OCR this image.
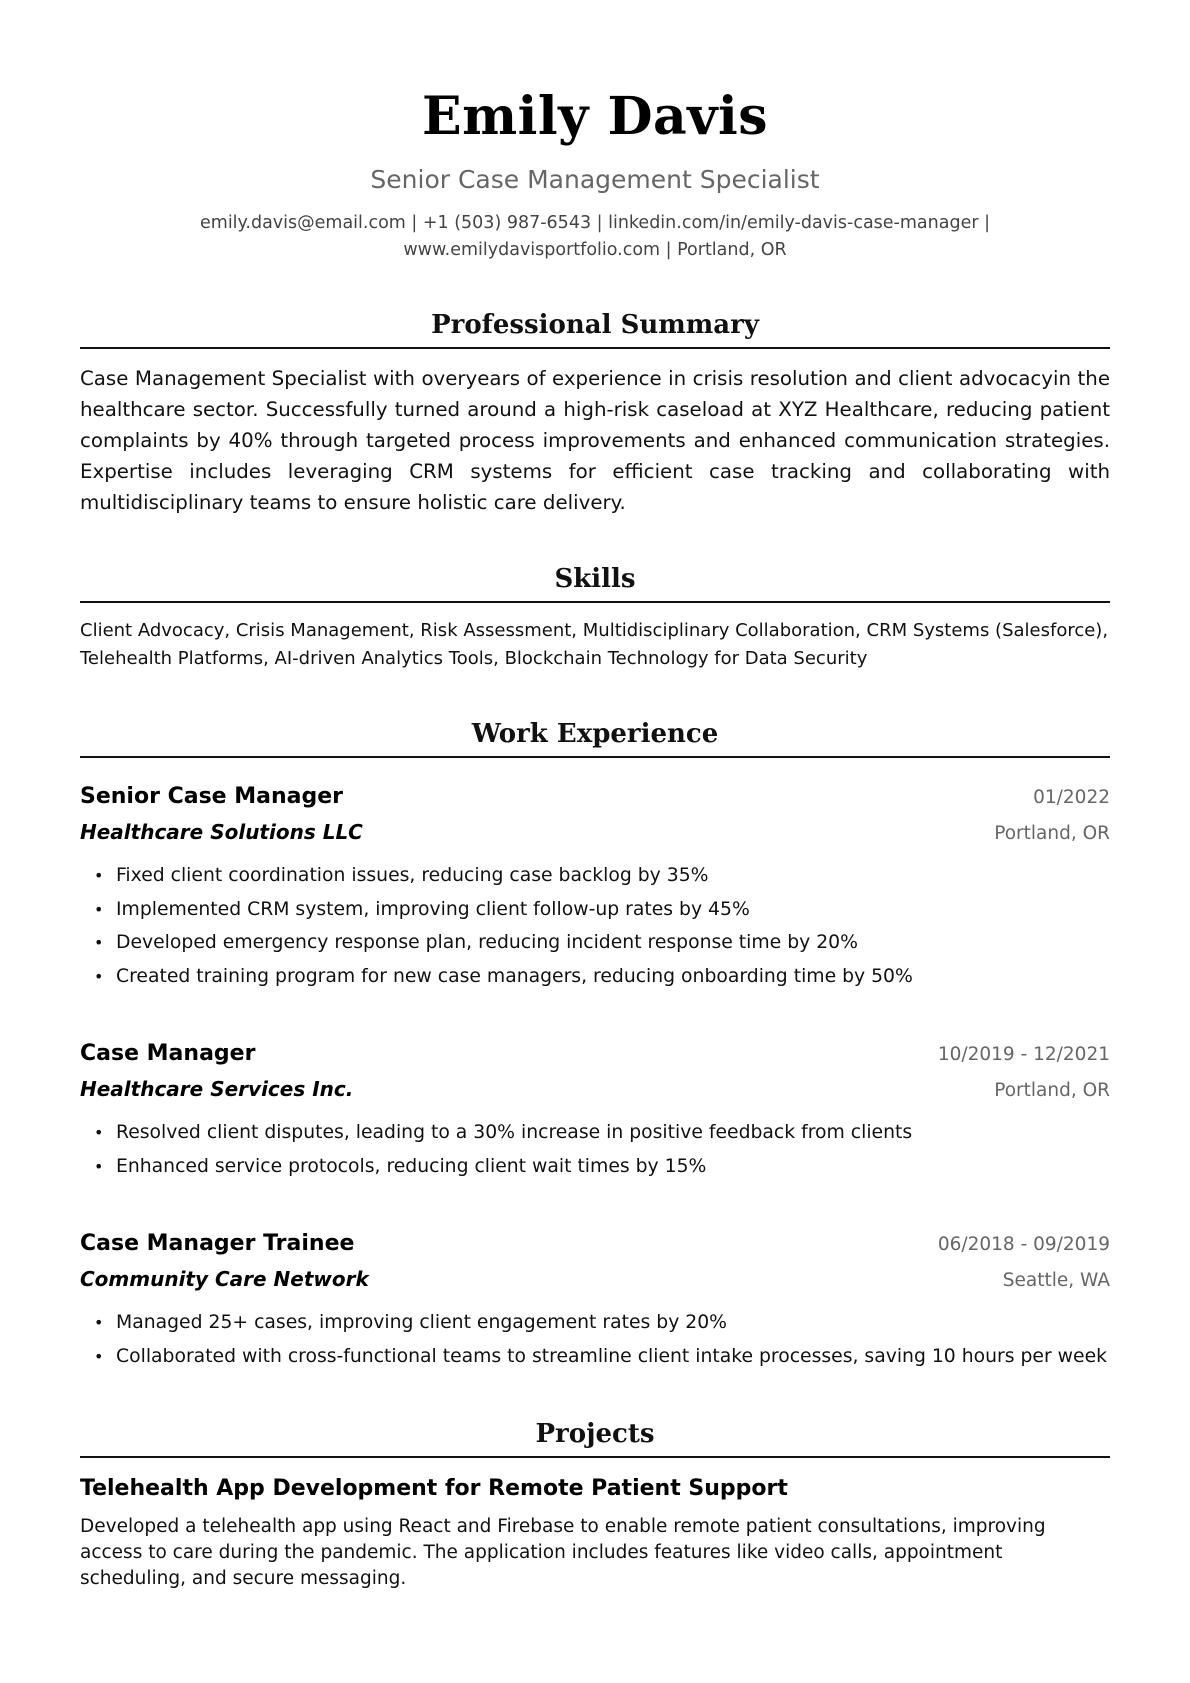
Emily Davis
Senior Case Management Specialist
emily.davis@email.com | +1 (503) 987-6543 | linkedin.com/in/emily-davis-case-manager |
www.emilydavisportfolio.com | Portland, OR
Professional Summary
Case Management Specialist with overyears of experience in crisis resolution and client advocacyin the healthcare sector. Successfully turned around a high-risk caseload at XYZ Healthcare, reducing patient complaints by 40% through targeted process improvements and enhanced communication strategies. Expertise includes leveraging CRM systems for efficient case tracking and collaborating with multidisciplinary teams to ensure holistic care delivery.
Skills
Client Advocacy, Crisis Management, Risk Assessment, Multidisciplinary Collaboration, CRM Systems (Salesforce), Telehealth Platforms, AI-driven Analytics Tools, Blockchain Technology for Data Security
Work Experience
Senior Case Manager	01/2022
Healthcare Solutions LLC	Portland, OR
• Fixed client coordination issues, reducing case backlog by 35%
• Implemented CRM system, improving client follow-up rates by 45%
• Developed emergency response plan, reducing incident response time by 20%
• Created training program for new case managers, reducing onboarding time by 50%
Case Manager	10/2019 - 12/2021
Healthcare Services Inc.	Portland, OR
• Resolved client disputes, leading to a 30% increase in positive feedback from clients
• Enhanced service protocols, reducing client wait times by 15%
Case Manager Trainee	06/2018 - 09/2019
Community Care Network	Seattle, WA
• Managed 25+ cases, improving client engagement rates by 20%
• Collaborated with cross-functional teams to streamline client intake processes, saving 10 hours per week
Projects
Telehealth App Development for Remote Patient Support
Developed a telehealth app using React and Firebase to enable remote patient consultations, improving access to care during the pandemic. The application includes features like video calls, appointment scheduling, and secure messaging.
